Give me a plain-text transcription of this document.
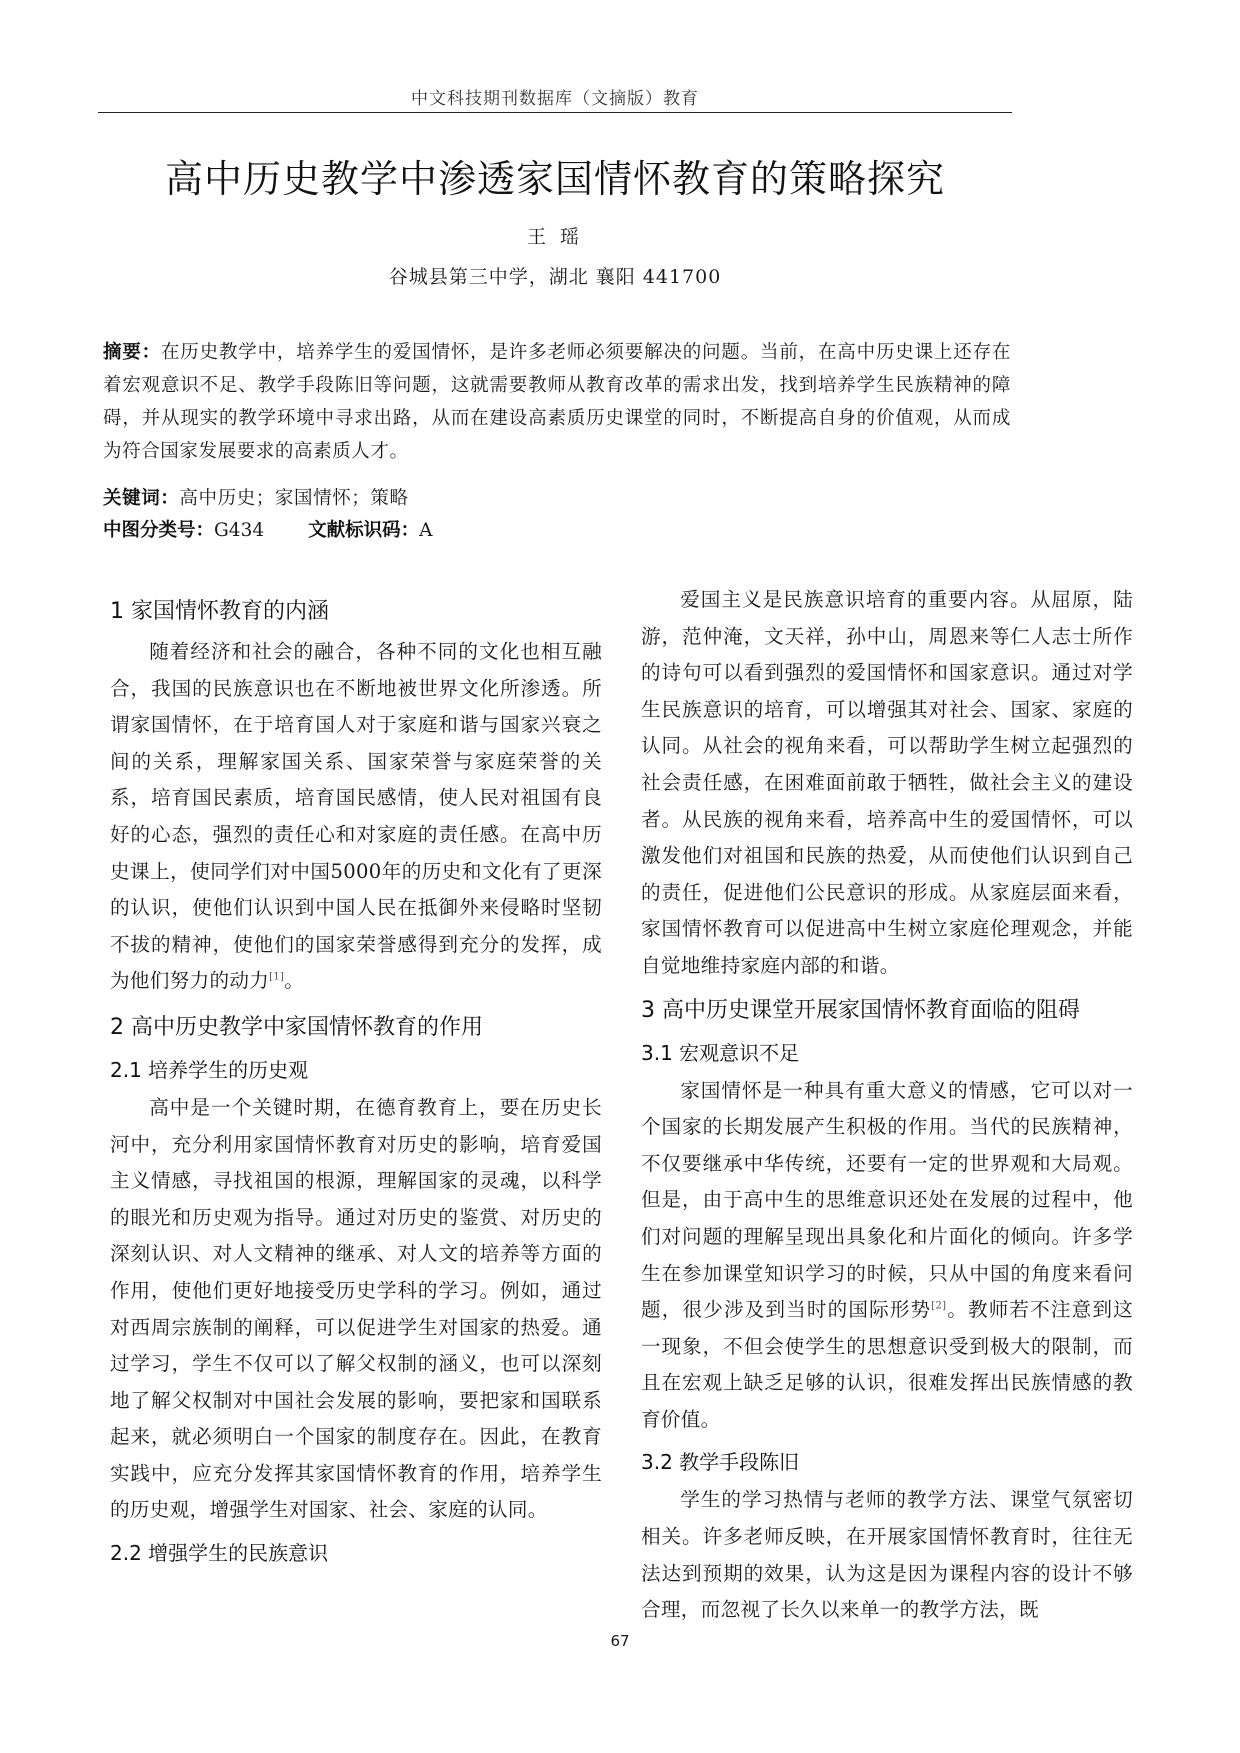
中文科技期刊数据库（文摘版）教育
高中历史教学中渗透家国情怀教育的策略探究
王 瑶
谷城县第三中学，湖北 襄阳 441700
摘要：在历史教学中，培养学生的爱国情怀，是许多老师必须要解决的问题。当前，在高中历史课上还存在着宏观意识不足、教学手段陈旧等问题，这就需要教师从教育改革的需求出发，找到培养学生民族精神的障碍，并从现实的教学环境中寻求出路，从而在建设高素质历史课堂的同时，不断提高自身的价值观，从而成为符合国家发展要求的高素质人才。
关键词：高中历史；家国情怀；策略
中图分类号：G434 文献标识码：A
1 家国情怀教育的内涵

随着经济和社会的融合，各种不同的文化也相互融合，我国的民族意识也在不断地被世界文化所渗透。所谓家国情怀，在于培育国人对于家庭和谐与国家兴衰之间的关系，理解家国关系、国家荣誉与家庭荣誉的关系，培育国民素质，培育国民感情，使人民对祖国有良好的心态，强烈的责任心和对家庭的责任感。在高中历史课上，使同学们对中国5000年的历史和文化有了更深的认识，使他们认识到中国人民在抵御外来侵略时坚韧不拔的精神，使他们的国家荣誉感得到充分的发挥，成为他们努力的动力[1]。

2 高中历史教学中家国情怀教育的作用
2.1 培养学生的历史观

高中是一个关键时期，在德育教育上，要在历史长河中，充分利用家国情怀教育对历史的影响，培育爱国主义情感，寻找祖国的根源，理解国家的灵魂，以科学的眼光和历史观为指导。通过对历史的鉴赏、对历史的深刻认识、对人文精神的继承、对人文的培养等方面的作用，使他们更好地接受历史学科的学习。例如，通过对西周宗族制的阐释，可以促进学生对国家的热爱。通过学习，学生不仅可以了解父权制的涵义，也可以深刻地了解父权制对中国社会发展的影响，要把家和国联系起来，就必须明白一个国家的制度存在。因此，在教育实践中，应充分发挥其家国情怀教育的作用，培养学生的历史观，增强学生对国家、社会、家庭的认同。

2.2 增强学生的民族意识

爱国主义是民族意识培育的重要内容。从屈原，陆游，范仲淹，文天祥，孙中山，周恩来等仁人志士所作的诗句可以看到强烈的爱国情怀和国家意识。通过对学生民族意识的培育，可以增强其对社会、国家、家庭的认同。从社会的视角来看，可以帮助学生树立起强烈的社会责任感，在困难面前敢于牺牲，做社会主义的建设者。从民族的视角来看，培养高中生的爱国情怀，可以激发他们对祖国和民族的热爱，从而使他们认识到自己的责任，促进他们公民意识的形成。从家庭层面来看，家国情怀教育可以促进高中生树立家庭伦理观念，并能自觉地维持家庭内部的和谐。

3 高中历史课堂开展家国情怀教育面临的阻碍
3.1 宏观意识不足

家国情怀是一种具有重大意义的情感，它可以对一个国家的长期发展产生积极的作用。当代的民族精神，不仅要继承中华传统，还要有一定的世界观和大局观。但是，由于高中生的思维意识还处在发展的过程中，他们对问题的理解呈现出具象化和片面化的倾向。许多学生在参加课堂知识学习的时候，只从中国的角度来看问题，很少涉及到当时的国际形势[2]。教师若不注意到这一现象，不但会使学生的思想意识受到极大的限制，而且在宏观上缺乏足够的认识，很难发挥出民族情感的教育价值。

3.2 教学手段陈旧

学生的学习热情与老师的教学方法、课堂气氛密切相关。许多老师反映，在开展家国情怀教育时，往往无法达到预期的效果，认为这是因为课程内容的设计不够合理，而忽视了长久以来单一的教学方法，既

67
